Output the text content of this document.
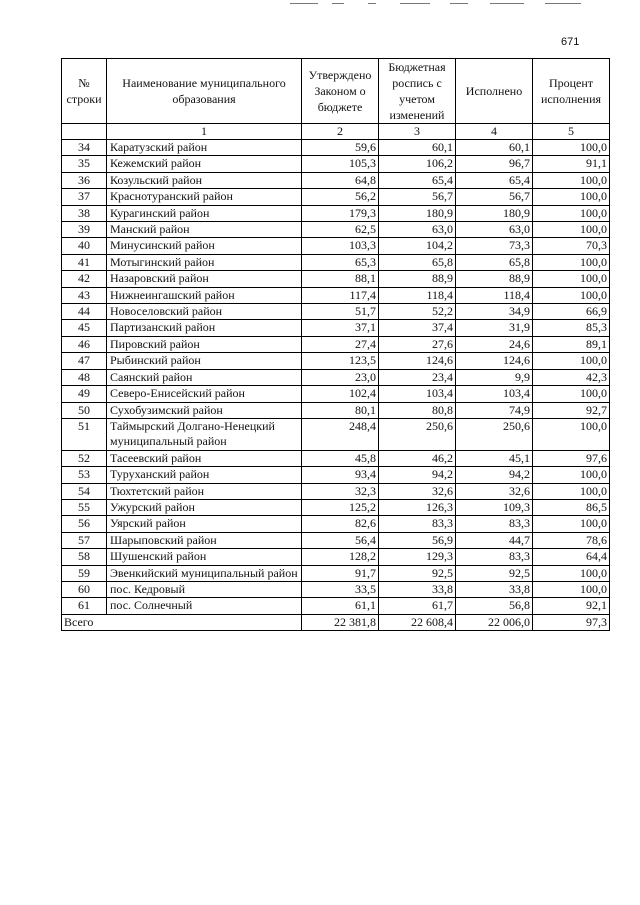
671
№ строки	Наименование муниципального образования	Утверждено Законом о бюджете	Бюджетная роспись с учетом изменений	Исполнено	Процент исполнения
	1	2	3	4	5
34	Каратузский район	59,6	60,1	60,1	100,0
35	Кежемский район	105,3	106,2	96,7	91,1
36	Козульский район	64,8	65,4	65,4	100,0
37	Краснотуранский район	56,2	56,7	56,7	100,0
38	Курагинский район	179,3	180,9	180,9	100,0
39	Манский район	62,5	63,0	63,0	100,0
40	Минусинский район	103,3	104,2	73,3	70,3
41	Мотыгинский район	65,3	65,8	65,8	100,0
42	Назаровский район	88,1	88,9	88,9	100,0
43	Нижнеингашский район	117,4	118,4	118,4	100,0
44	Новоселовский район	51,7	52,2	34,9	66,9
45	Партизанский район	37,1	37,4	31,9	85,3
46	Пировский район	27,4	27,6	24,6	89,1
47	Рыбинский район	123,5	124,6	124,6	100,0
48	Саянский район	23,0	23,4	9,9	42,3
49	Северо-Енисейский район	102,4	103,4	103,4	100,0
50	Сухобузимский район	80,1	80,8	74,9	92,7
51	Таймырский Долгано-Ненецкий муниципальный район	248,4	250,6	250,6	100,0
52	Тасеевский район	45,8	46,2	45,1	97,6
53	Туруханский район	93,4	94,2	94,2	100,0
54	Тюхтетский район	32,3	32,6	32,6	100,0
55	Ужурский район	125,2	126,3	109,3	86,5
56	Уярский район	82,6	83,3	83,3	100,0
57	Шарыповский район	56,4	56,9	44,7	78,6
58	Шушенский район	128,2	129,3	83,3	64,4
59	Эвенкийский муниципальный район	91,7	92,5	92,5	100,0
60	пос. Кедровый	33,5	33,8	33,8	100,0
61	пос. Солнечный	61,1	61,7	56,8	92,1
Всего		22 381,8	22 608,4	22 006,0	97,3
